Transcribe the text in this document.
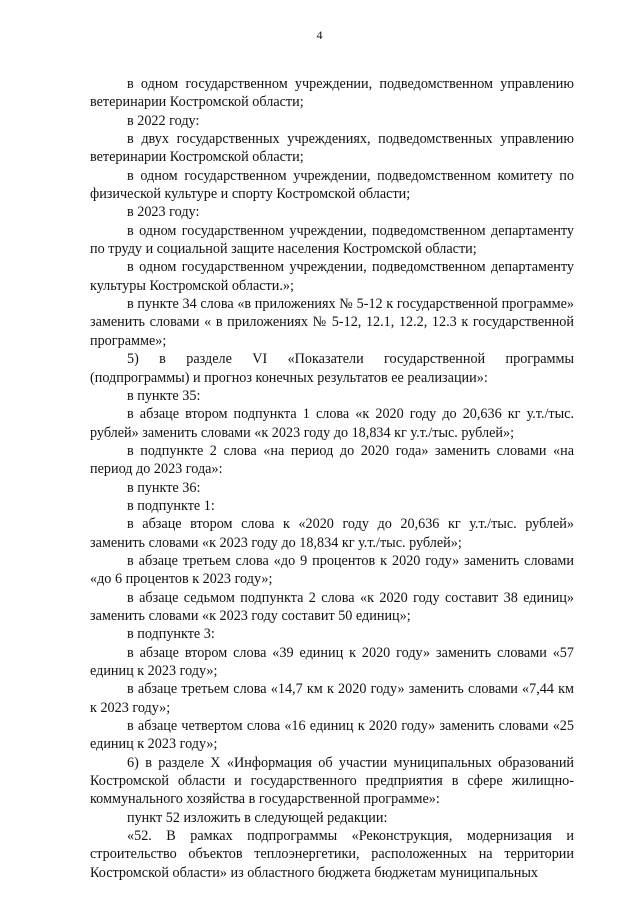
4

в одном государственном учреждении, подведомственном управлению ветеринарии Костромской области;

в 2022 году:

в двух государственных учреждениях, подведомственных управлению ветеринарии Костромской области;

в одном государственном учреждении, подведомственном комитету по физической культуре и спорту Костромской области;

в 2023 году:

в одном государственном учреждении, подведомственном департаменту по труду и социальной защите населения Костромской области;

в одном государственном учреждении, подведомственном департаменту культуры Костромской области.»;

в пункте 34 слова «в приложениях № 5-12 к государственной программе» заменить словами « в приложениях № 5-12, 12.1, 12.2, 12.3 к государственной программе»;

5) в разделе VI «Показатели государственной программы (подпрограммы) и прогноз конечных результатов ее реализации»:

в пункте 35:

в абзаце втором подпункта 1 слова «к 2020 году до 20,636 кг у.т./тыс. рублей» заменить словами «к 2023 году до 18,834 кг у.т./тыс. рублей»;

в подпункте 2 слова «на период до 2020 года» заменить словами «на период до 2023 года»:

в пункте 36:

в подпункте 1:

в абзаце втором слова к «2020 году до 20,636 кг у.т./тыс. рублей» заменить словами «к 2023 году до 18,834 кг у.т./тыс. рублей»;

в абзаце третьем слова «до 9 процентов к 2020 году» заменить словами «до 6 процентов к 2023 году»;

в абзаце седьмом подпункта 2 слова «к 2020 году составит 38 единиц» заменить словами «к 2023 году составит 50 единиц»;

в подпункте 3:

в абзаце втором слова «39 единиц к 2020 году» заменить словами «57 единиц к 2023 году»;

в абзаце третьем слова «14,7 км к 2020 году» заменить словами «7,44 км к 2023 году»;

в абзаце четвертом слова «16 единиц к 2020 году» заменить словами «25 единиц к 2023 году»;

6) в разделе X «Информация об участии муниципальных образований Костромской области и государственного предприятия в сфере жилищно-коммунального хозяйства в государственной программе»:

пункт 52 изложить в следующей редакции:

«52. В рамках подпрограммы «Реконструкция, модернизация и строительство объектов теплоэнергетики, расположенных на территории Костромской области» из областного бюджета бюджетам муниципальных
